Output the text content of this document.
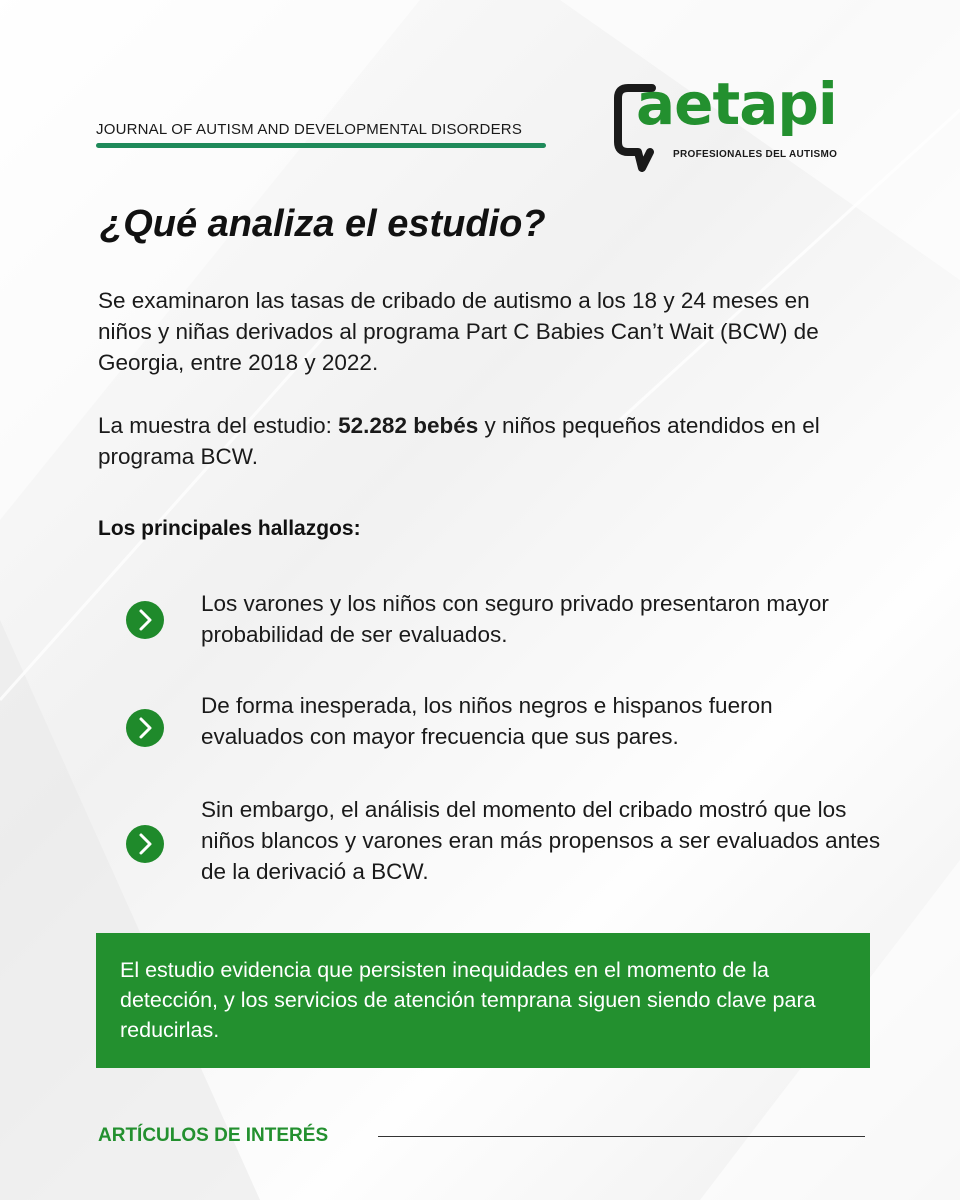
JOURNAL OF AUTISM AND DEVELOPMENTAL DISORDERS aetapi
PROFESIONALES DEL AUTISMO
¿Qué analiza el estudio?
Se examinaron las tasas de cribado de autismo a los 18 y 24 meses en niños y niñas derivados al programa Part C Babies Can’t Wait (BCW) de Georgia, entre 2018 y 2022.
La muestra del estudio: 52.282 bebés y niños pequeños atendidos en el programa BCW.
Los principales hallazgos:
Los varones y los niños con seguro privado presentaron mayor probabilidad de ser evaluados.
De forma inesperada, los niños negros e hispanos fueron evaluados con mayor frecuencia que sus pares.
Sin embargo, el análisis del momento del cribado mostró que los niños blancos y varones eran más propensos a ser evaluados antes de la derivació a BCW.
El estudio evidencia que persisten inequidades en el momento de la detección, y los servicios de atención temprana siguen siendo clave para reducirlas.
ARTÍCULOS DE INTERÉS
